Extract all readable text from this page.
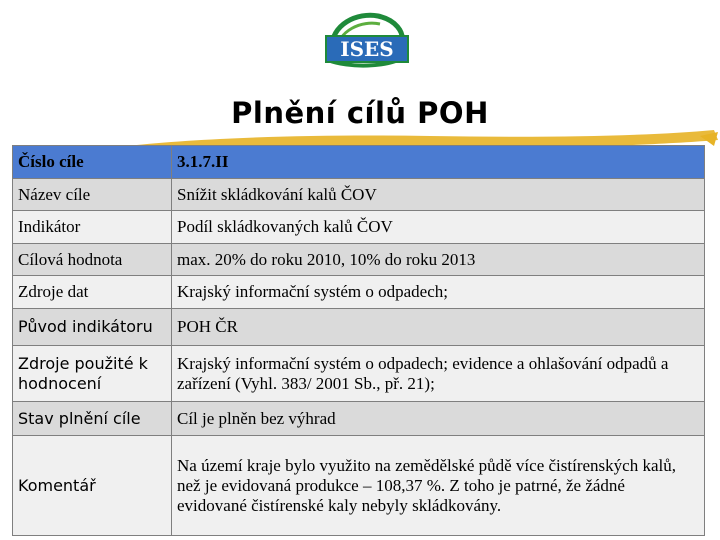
ISES
Plnění cílů POH
Číslo cíle	3.1.7.II
Název cíle	Snížit skládkování kalů ČOV
Indikátor	Podíl skládkovaných kalů ČOV
Cílová hodnota	max. 20% do roku 2010, 10% do roku 2013
Zdroje dat	Krajský informační systém o odpadech;
Původ indikátoru	POH ČR
Zdroje použité k hodnocení	Krajský informační systém o odpadech; evidence a ohlašování odpadů a zařízení (Vyhl. 383/ 2001 Sb., př. 21);
Stav plnění cíle	Cíl je plněn bez výhrad
Komentář	Na území kraje bylo využito na zemědělské půdě více čistírenských kalů, než je evidovaná produkce – 108,37 %. Z toho je patrné, že žádné evidované čistírenské kaly nebyly skládkovány.
